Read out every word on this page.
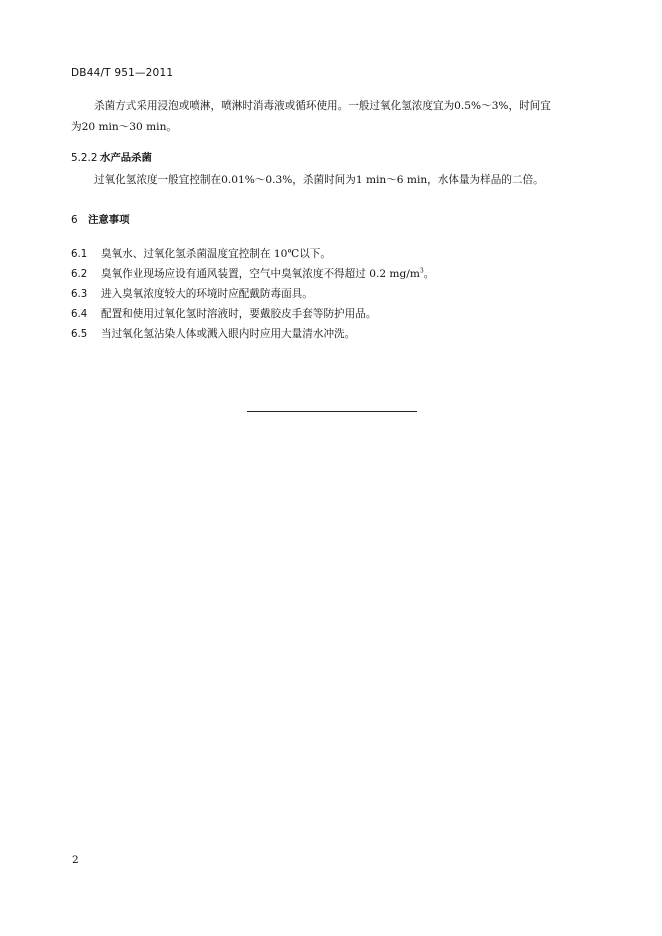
DB44/T 951—2011
杀菌方式采用浸泡或喷淋，喷淋时消毒液或循环使用。一般过氧化氢浓度宜为0.5%～3%，时间宜
为20 min～30 min。
5.2.2 水产品杀菌
过氧化氢浓度一般宜控制在0.01%～0.3%，杀菌时间为1 min～6 min，水体量为样品的二倍。
6 注意事项
6.1 臭氧水、过氧化氢杀菌温度宜控制在 10℃以下。
6.2 臭氧作业现场应设有通风装置，空气中臭氧浓度不得超过 0.2 $mg/m^3$。
6.3 进入臭氧浓度较大的环境时应配戴防毒面具。
6.4 配置和使用过氧化氢时溶液时，要戴胶皮手套等防护用品。
6.5 当过氧化氢沾染人体或溅入眼内时应用大量清水冲洗。
2
